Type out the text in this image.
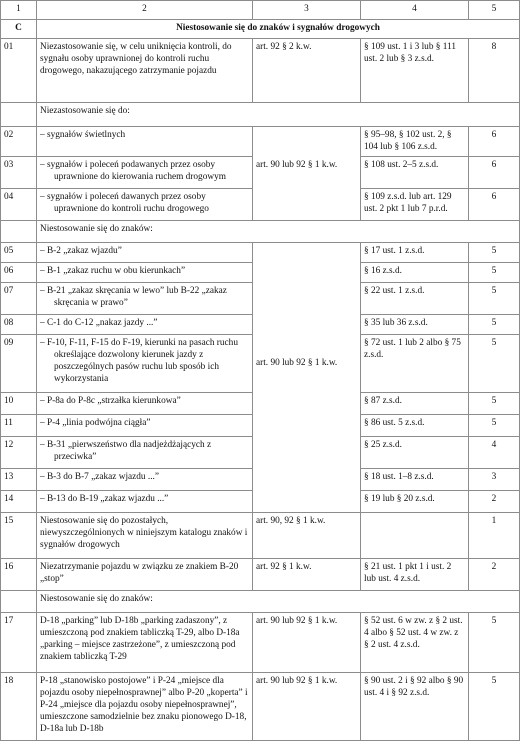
1	2	3	4	5
C	Niestosowanie się do znaków i sygnałów drogowych			
01	Niezastosowanie się, w celu uniknięcia kontroli, do sygnału osoby uprawnionej do kontroli ruchu drogowego, nakazującego zatrzymanie pojazdu	art. 92 § 2 k.w.	§ 109 ust. 1 i 3 lub § 111 ust. 2 lub § 3 z.s.d.	8
	Niezastosowanie się do:			
02	– sygnałów świetlnych		§ 95–98, § 102 ust. 2, § 104 lub § 106 z.s.d.	6
03	– sygnałów i poleceń podawanych przez osoby uprawnione do kierowania ruchem drogowym	art. 90 lub 92 § 1 k.w.	§ 108 ust. 2–5 z.s.d.	6
04	– sygnałów i poleceń dawanych przez osoby uprawnione do kontroli ruchu drogowego		§ 109 z.s.d. lub art. 129 ust. 2 pkt 1 lub 7 p.r.d.	6
	Niestosowanie się do znaków:			
05	– B-2 „zakaz wjazdu”		§ 17 ust. 1 z.s.d.	5
06	– B-1 „zakaz ruchu w obu kierunkach”		§ 16 z.s.d.	5
07	– B-21 „zakaz skręcania w lewo” lub B-22 „zakaz skręcania w prawo”		§ 22 ust. 1 z.s.d.	5
08	– C-1 do C-12 „nakaz jazdy ...”		§ 35 lub 36 z.s.d.	5
09	– F-10, F-11, F-15 do F-19, kierunki na pasach ruchu określające dozwolony kierunek jazdy z poszczególnych pasów ruchu lub sposób ich wykorzystania	art. 90 lub 92 § 1 k.w.	§ 72 ust. 1 lub 2 albo § 75 z.s.d.	5
10	– P-8a do P-8c „strzałka kierunkowa”		§ 87 z.s.d.	5
11	– P-4 „linia podwójna ciągła”		§ 86 ust. 5 z.s.d.	5
12	– B-31 „pierwszeństwo dla nadjeżdżających z przeciwka”		§ 25 z.s.d.	4
13	– B-3 do B-7 „zakaz wjazdu ...”		§ 18 ust. 1–8 z.s.d.	3
14	– B-13 do B-19 „zakaz wjazdu ...”		§ 19 lub § 20 z.s.d.	2
15	Niestosowanie się do pozostałych, niewyszczególnionych w niniejszym katalogu znaków i sygnałów drogowych	art. 90, 92 § 1 k.w.		1
16	Niezatrzymanie pojazdu w związku ze znakiem B-20 „stop”	art. 92 § 1 k.w.	§ 21 ust. 1 pkt 1 i ust. 2 lub ust. 4 z.s.d.	2
	Niestosowanie się do znaków:			
17	D-18 „parking” lub D-18b „parking zadaszony”, z umieszczoną pod znakiem tabliczką T-29, albo D-18a „parking – miejsce zastrzeżone”, z umieszczoną pod znakiem tabliczką T-29	art. 90 lub 92 § 1 k.w.	§ 52 ust. 6 w zw. z § 2 ust. 4 albo § 52 ust. 4 w zw. z § 2 ust. 4 z.s.d.	5
18	P-18 „stanowisko postojowe” i P-24 „miejsce dla pojazdu osoby niepełnosprawnej” albo P-20 „koperta” i P-24 „miejsce dla pojazdu osoby niepełnosprawnej”, umieszczone samodzielnie bez znaku pionowego D-18, D-18a lub D-18b	art. 90 lub 92 § 1 k.w.	§ 90 ust. 2 i § 92 albo § 90 ust. 4 i § 92 z.s.d.	5
